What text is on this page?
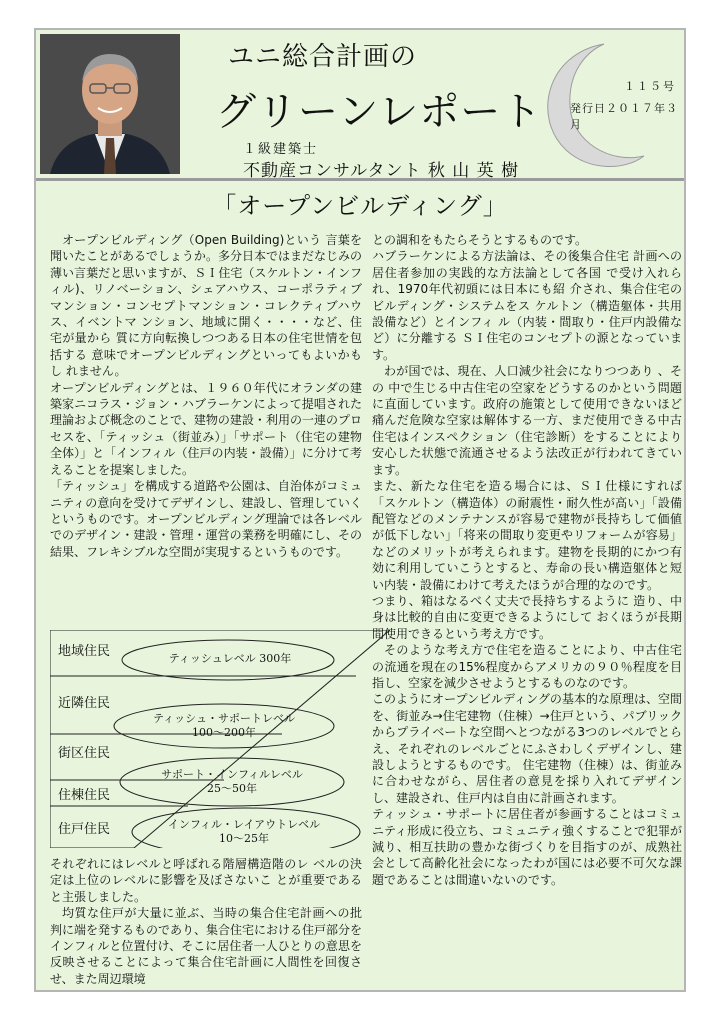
ユニ総合計画の
グリーンレポート
１級建築士
不動産コンサルタント 秋 山 英 樹
１１５号
発行日２０１７年３月
「オープンビルディング」

オープンビルディング（Open Building)という 言葉を聞いたことがあるでしょうか。多分日本ではまだなじみの薄い言葉だと思いますが、ＳＩ住宅（スケルトン・インフィル)、リノベーション、シェアハウス、コーポラティブマンション・コンセプトマンション・コレクティブハウス、イベントマ ンション、地域に開く・・・・など、住宅が量から 質に方向転換しつつある日本の住宅世情を包括する 意味でオープンビルディングといってもよいかもし れません。

オープンビルディングとは、１９６０年代にオランダの建築家ニコラス・ジョン・ハブラーケンによって提唱された理論および概念のことで、建物の建設・利用の一連のプロセスを、「ティッシュ（街並み）」「サポート（住宅の建物全体）」と「インフィル（住戸の内装・設備）」に分けて考えることを提案しました。

「ティッシュ」を構成する道路や公園は、自治体がコミュニティの意向を受けてデザインし、建設し、管理していくというものです。オープンビルディング理論では各レベルでのデザイン・建設・管理・運営の業務を明確にし、その結果、フレキシブルな空間が実現するというものです。

地域住民
近隣住民
街区住民
住棟住民
住戸住民
ティッシュレベル 300年
ティッシュ・サポートレベル
100～200年
サポート・インフィルレベル
25～50年
インフィル・レイアウトレベル
10～25年

それぞれにはレベルと呼ばれる階層構造階のレ ベルの決定は上位のレベルに影響を及ぼさないこ とが重要であると主張しました。

均質な住戸が大量に並ぶ、当時の集合住宅計画への批判に端を発するものであり、集合住宅における住戸部分をインフィルと位置付け、そこに居住者一人ひとりの意思を反映させることによって集合住宅計画に人間性を回復させ、また周辺環境

との調和をもたらそうとするものです。

ハブラーケンによる方法論は、その後集合住宅 計画への居住者参加の実践的な方法論として各国 で受け入れられ、1970年代初頭には日本にも紹 介され、集合住宅のビルディング・システムをス ケルトン（構造躯体・共用設備など）とインフィ ル（内装・間取り・住戸内設備など）に分離する ＳＩ住宅のコンセプトの源となっています。

わが国では、現在、人口減少社会になりつつあり 、その 中で生じる中古住宅の空家をどうするのかという問題に直面しています。政府の施策として使用できないほど痛んだ危険な空家は解体する一方、まだ使用できる中古住宅はインスペクション（住宅診断）をすることにより安心した状態で流通させるよう法改正が行われてきています。

また、新たな住宅を造る場合には、ＳＩ仕様にすれば「スケルトン（構造体）の耐震性・耐久性が高い」「設備配管などのメンテナンスが容易で建物が長持ちして価値が低下しない」「将来の間取り変更やリフォームが容易」などのメリットが考えられます。建物を長期的にかつ有効に利用していこうとすると、寿命の長い構造躯体と短い内装・設備にわけて考えたほうが合理的なのです。

つまり、箱はなるべく丈夫で長持ちするように 造り、中身は比較的自由に変更できるようにして おくほうが長期間使用できるという考え方です。

そのような考え方で住宅を造ることにより、中古住宅の流通を現在の15%程度からアメリカの９０％程度を目指し、空家を減少させようとするものなのです。

このようにオープンビルディングの基本的な原理は、空間を、街並み→住宅建物（住棟）→住戸という、パブリックからプライベートな空間へとつながる3つのレベルでとらえ、それぞれのレベルごとにふさわしくデザインし、建設しようとするものです。 住宅建物（住棟）は、街並みに合わせながら、居住者の意見を採り入れてデザインし、建設され、住戸内は自由に計画されます。

ティッシュ・サポートに居住者が参画することはコミュニティ形成に役立ち、コミュニティ強くすることで犯罪が減り、相互扶助の豊かな街づくりを目指すのが、成熟社会として高齢化社会になったわが国には必要不可欠な課題であることは間違いないのです。
